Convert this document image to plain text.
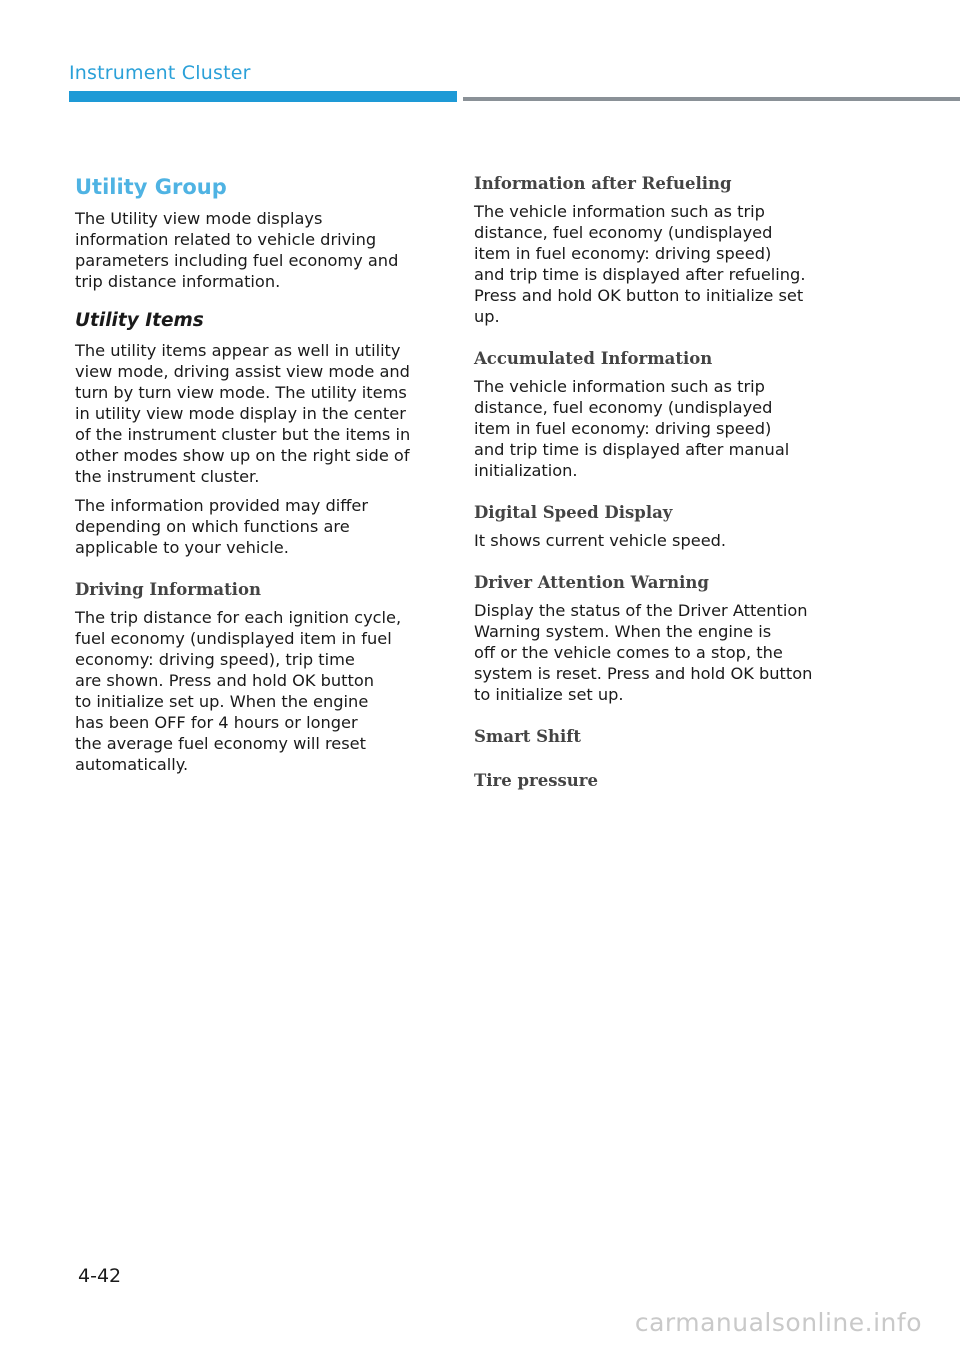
Instrument Cluster
Utility Group
The Utility view mode displays
information related to vehicle driving
parameters including fuel economy and
trip distance information.
Utility Items
The utility items appear as well in utility
view mode, driving assist view mode and
turn by turn view mode. The utility items
in utility view mode display in the center
of the instrument cluster but the items in
other modes show up on the right side of
the instrument cluster.
The information provided may differ
depending on which functions are
applicable to your vehicle.
Driving Information
The trip distance for each ignition cycle,
fuel economy (undisplayed item in fuel
economy: driving speed), trip time
are shown. Press and hold OK button
to initialize set up. When the engine
has been OFF for 4 hours or longer
the average fuel economy will reset
automatically.
Information after Refueling
The vehicle information such as trip
distance, fuel economy (undisplayed
item in fuel economy: driving speed)
and trip time is displayed after refueling.
Press and hold OK button to initialize set
up.
Accumulated Information
The vehicle information such as trip
distance, fuel economy (undisplayed
item in fuel economy: driving speed)
and trip time is displayed after manual
initialization.
Digital Speed Display
It shows current vehicle speed.
Driver Attention Warning
Display the status of the Driver Attention
Warning system. When the engine is
off or the vehicle comes to a stop, the
system is reset. Press and hold OK button
to initialize set up.
Smart Shift
Tire pressure
4-42
carmanualsonline.info
